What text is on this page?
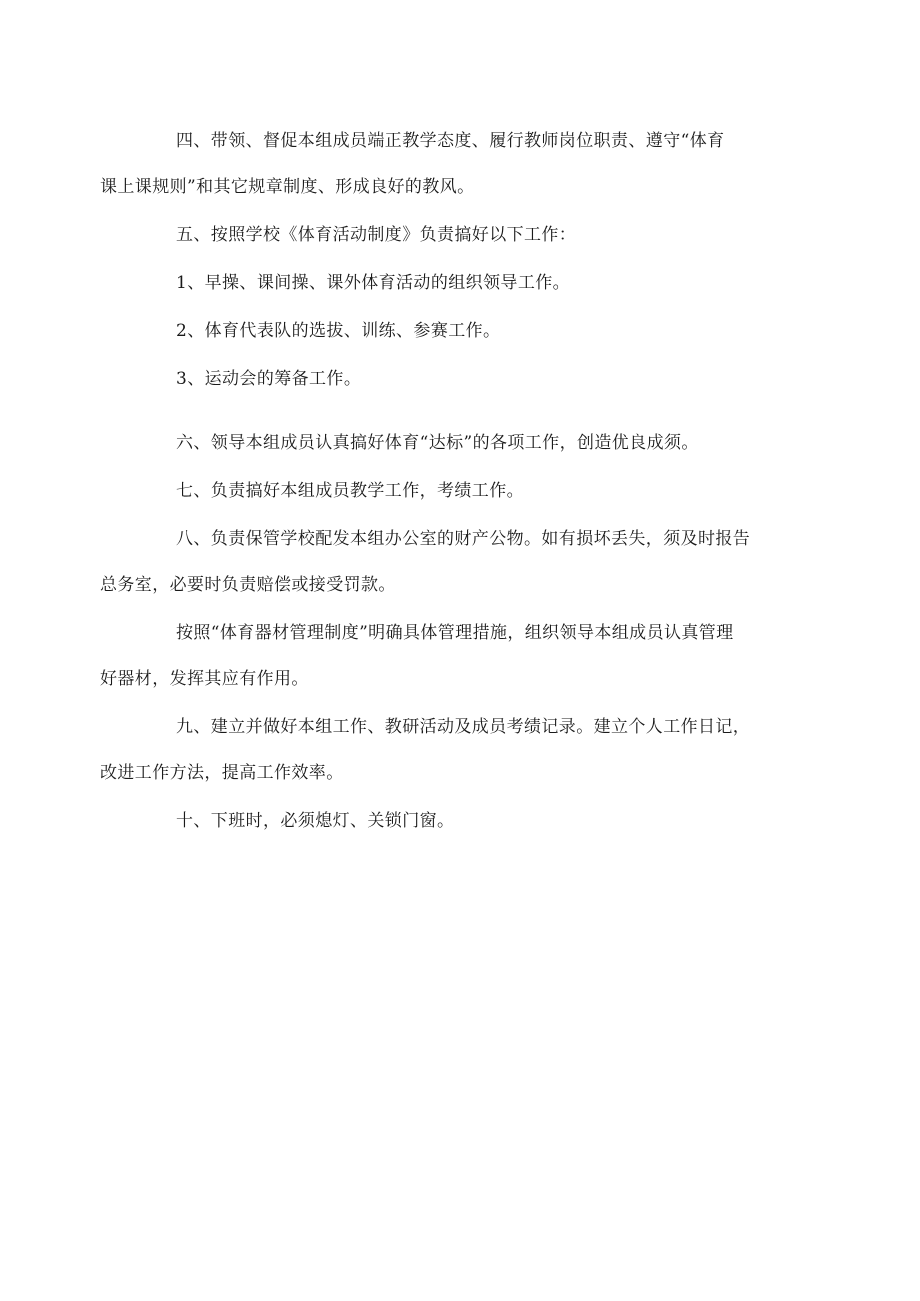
四、带领、督促本组成员端正教学态度、履行教师岗位职责、遵守“体育
课上课规则”和其它规章制度、形成良好的教风。

五、按照学校《体育活动制度》负责搞好以下工作：

1、早操、课间操、课外体育活动的组织领导工作。

2、体育代表队的选拔、训练、参赛工作。

3、运动会的筹备工作。

六、领导本组成员认真搞好体育“达标”的各项工作，创造优良成须。

七、负责搞好本组成员教学工作，考绩工作。

八、负责保管学校配发本组办公室的财产公物。如有损坏丢失，须及时报告
总务室，必要时负责赔偿或接受罚款。

按照“体育器材管理制度”明确具体管理措施，组织领导本组成员认真管理
好器材，发挥其应有作用。

九、建立并做好本组工作、教研活动及成员考绩记录。建立个人工作日记，
改进工作方法，提高工作效率。

十、下班时，必须熄灯、关锁门窗。
